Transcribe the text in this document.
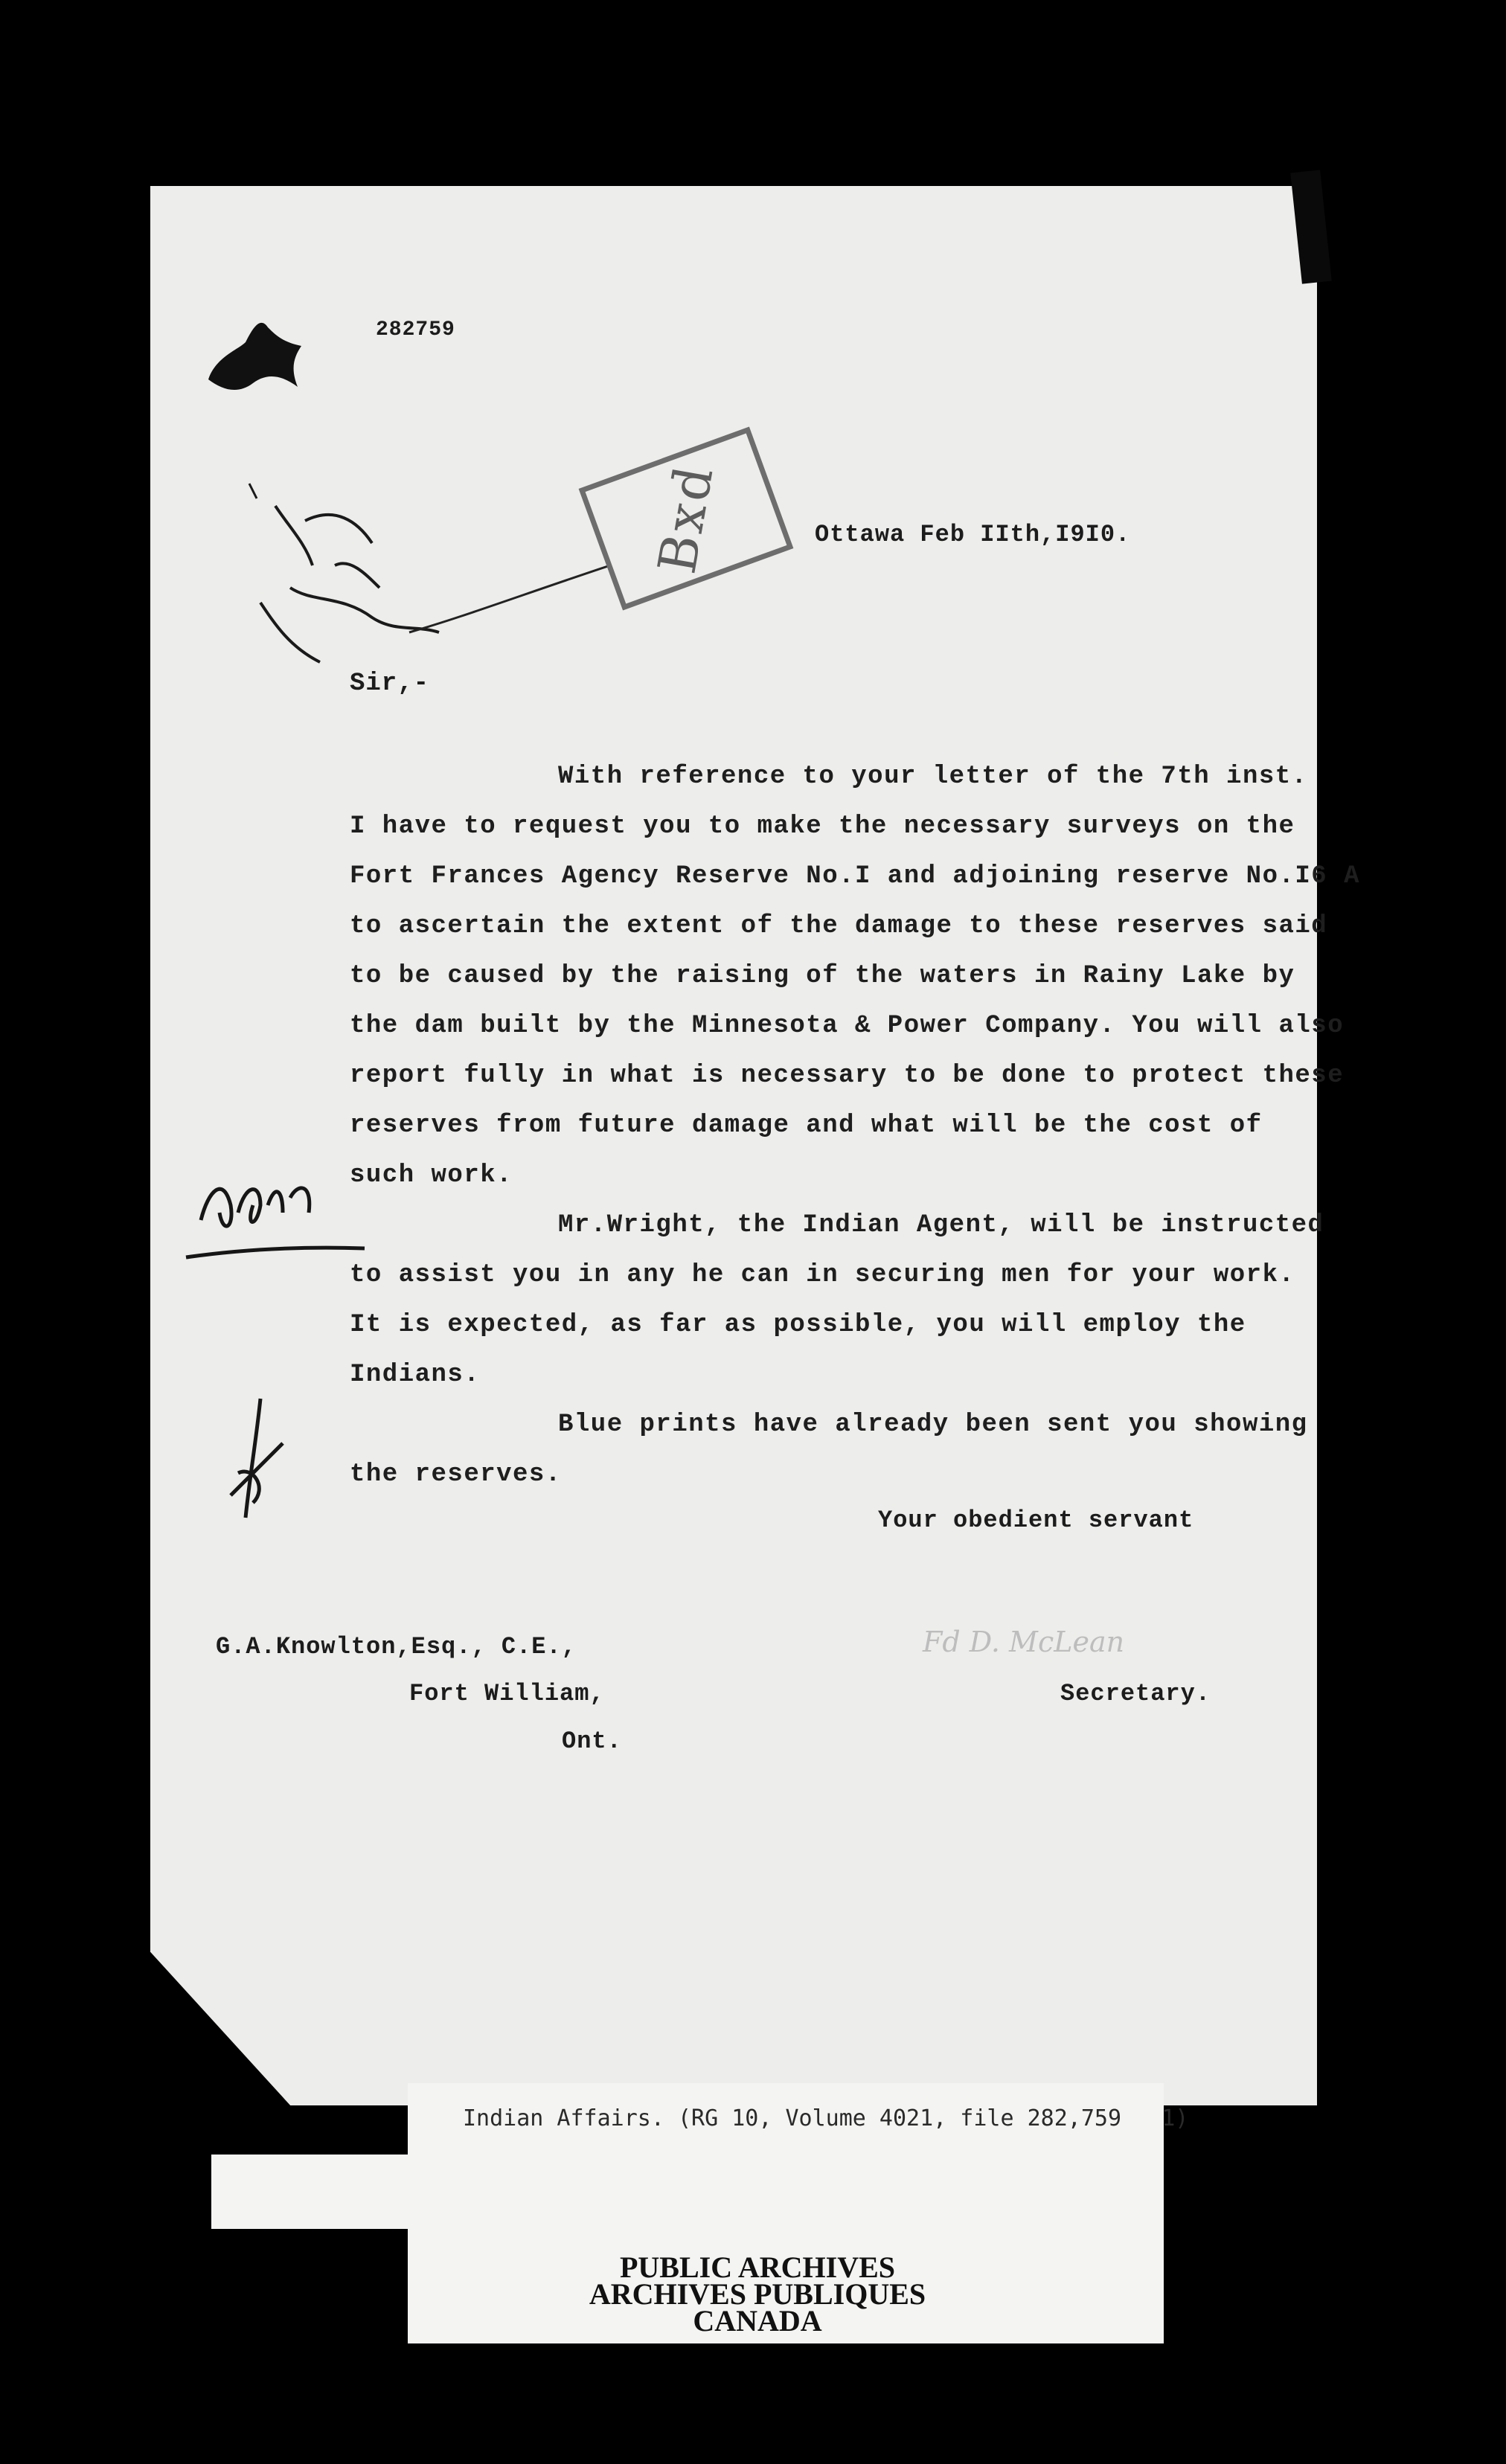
282759
Bxd	Ottawa Feb IIth,I9I0.
Sir,-
With reference to your letter of the 7th inst.
I have to request you to make the necessary surveys on the
Fort Frances Agency Reserve No.I and adjoining reserve No.I6 A
to ascertain the extent of the damage to these reserves said
to be caused by the raising of the waters in Rainy Lake by
the dam built by the Minnesota & Power Company. You will also
report fully in what is necessary to be done to protect these
reserves from future damage and what will be the cost of
such work.
Mr.Wright, the Indian Agent, will be instructed
to assist you in any he can in securing men for your work.
It is expected, as far as possible, you will employ the
Indians.
Blue prints have already been sent you showing
the reserves.
Your obedient servant
G.A.Knowlton,Esq., C.E.,
Fort William,
Ont.
Fd D. McLean
Secretary.
Indian Affairs. (RG 10, Volume 4021, file 282,759   1)
PUBLIC ARCHIVES
ARCHIVES PUBLIQUES
CANADA
